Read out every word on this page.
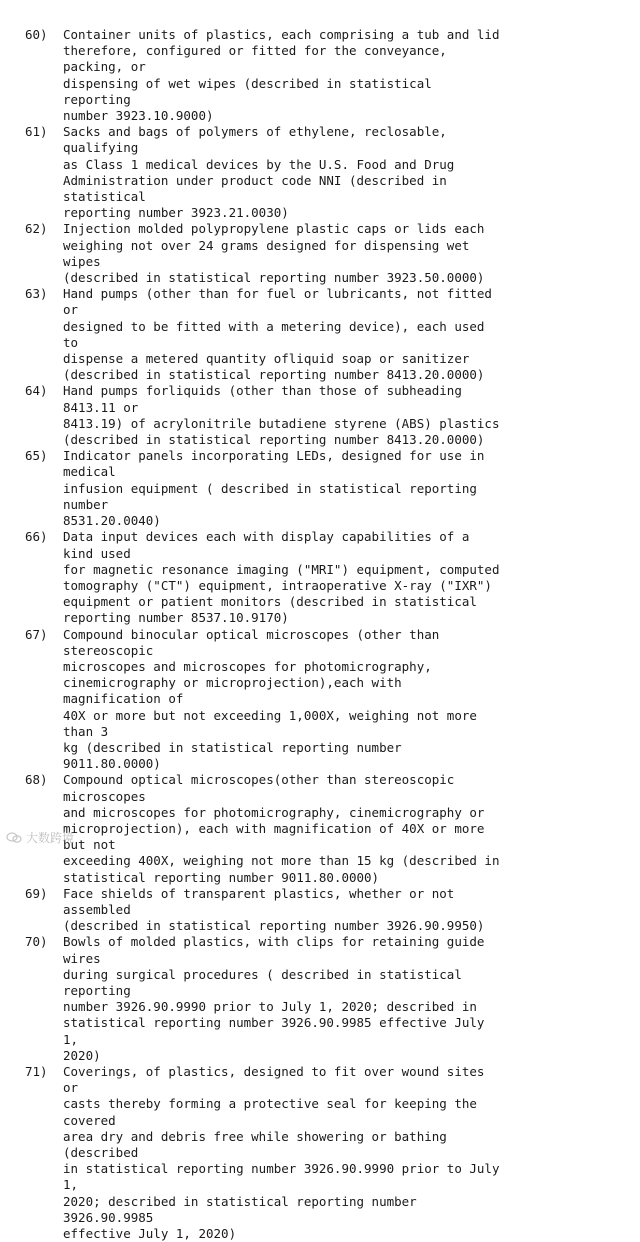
60)	Container units of plastics, each comprising a tub and lid
therefore, configured or fitted for the conveyance, packing, or
dispensing of wet wipes (described in statistical reporting
number 3923.10.9000)
61)	Sacks and bags of polymers of ethylene, reclosable, qualifying
as Class 1 medical devices by the U.S. Food and Drug
Administration under product code NNI (described in statistical
reporting number 3923.21.0030)
62)	Injection molded polypropylene plastic caps or lids each
weighing not over 24 grams designed for dispensing wet wipes
(described in statistical reporting number 3923.50.0000)
63)	Hand pumps (other than for fuel or lubricants, not fitted or
designed to be fitted with a metering device), each used to
dispense a metered quantity ofliquid soap or sanitizer
(described in statistical reporting number 8413.20.0000)
64)	Hand pumps forliquids (other than those of subheading 8413.11 or
8413.19) of acrylonitrile butadiene styrene (ABS) plastics
(described in statistical reporting number 8413.20.0000)
65)	Indicator panels incorporating LEDs, designed for use in medical
infusion equipment ( described in statistical reporting number
8531.20.0040)
66)	Data input devices each with display capabilities of a kind used
for magnetic resonance imaging ("MRI") equipment, computed
tomography ("CT") equipment, intraoperative X-ray ("IXR")
equipment or patient monitors (described in statistical
reporting number 8537.10.9170)
67)	Compound binocular optical microscopes (other than stereoscopic
microscopes and microscopes for photomicrography,
cinemicrography or microprojection),each with magnification of
40X or more but not exceeding 1,000X, weighing not more than 3
kg (described in statistical reporting number 9011.80.0000)
68)	Compound optical microscopes(other than stereoscopic microscopes
and microscopes for photomicrography, cinemicrography or
microprojection), each with magnification of 40X or more but not
exceeding 400X, weighing not more than 15 kg (described in
statistical reporting number 9011.80.0000)
69)	Face shields of transparent plastics, whether or not assembled
(described in statistical reporting number 3926.90.9950)
70)	Bowls of molded plastics, with clips for retaining guide wires
during surgical procedures ( described in statistical reporting
number 3926.90.9990 prior to July 1, 2020; described in
statistical reporting number 3926.90.9985 effective July 1,
2020)
71)	Coverings, of plastics, designed to fit over wound sites or
casts thereby forming a protective seal for keeping the covered
area dry and debris free while showering or bathing (described
in statistical reporting number 3926.90.9990 prior to July 1,
2020; described in statistical reporting number 3926.90.9985
effective July 1, 2020)
大数跨境
